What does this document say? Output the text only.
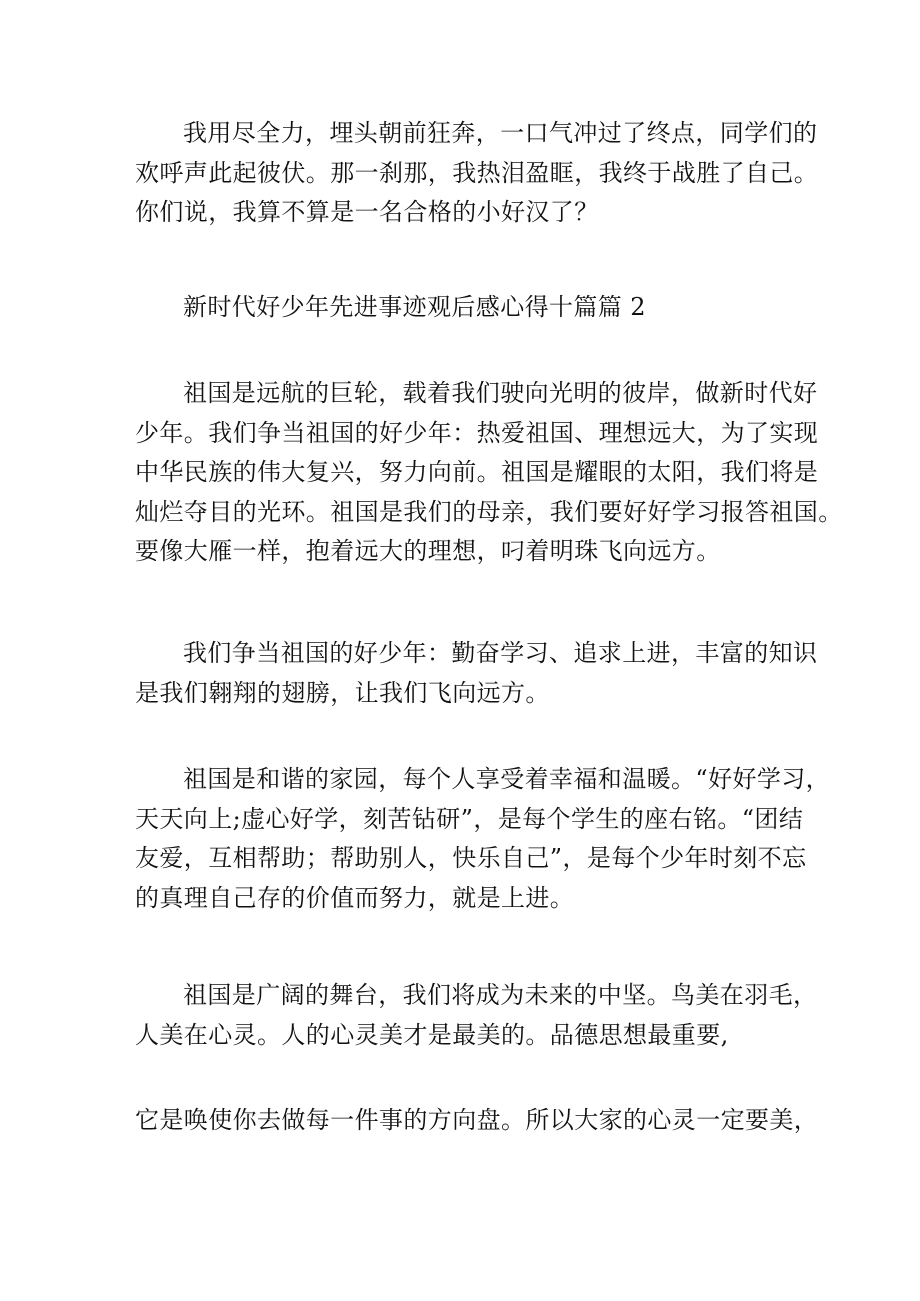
我用尽全力，埋头朝前狂奔，一口气冲过了终点，同学们的
欢呼声此起彼伏。那一刹那，我热泪盈眶，我终于战胜了自己。
你们说，我算不算是一名合格的小好汉了？

新时代好少年先进事迹观后感心得十篇篇 2

祖国是远航的巨轮，载着我们驶向光明的彼岸，做新时代好
少年。我们争当祖国的好少年：热爱祖国、理想远大，为了实现
中华民族的伟大复兴，努力向前。祖国是耀眼的太阳，我们将是
灿烂夺目的光环。祖国是我们的母亲，我们要好好学习报答祖国。
要像大雁一样，抱着远大的理想，叼着明珠飞向远方。

我们争当祖国的好少年：勤奋学习、追求上进，丰富的知识
是我们翱翔的翅膀，让我们飞向远方。

祖国是和谐的家园，每个人享受着幸福和温暖。“好好学习，
天天向上;虚心好学，刻苦钻研”，是每个学生的座右铭。“团结
友爱，互相帮助；帮助别人，快乐自己”，是每个少年时刻不忘
的真理自己存的价值而努力，就是上进。

祖国是广阔的舞台，我们将成为未来的中坚。鸟美在羽毛，
人美在心灵。人的心灵美才是最美的。品德思想最重要,

它是唤使你去做每一件事的方向盘。所以大家的心灵一定要美，
